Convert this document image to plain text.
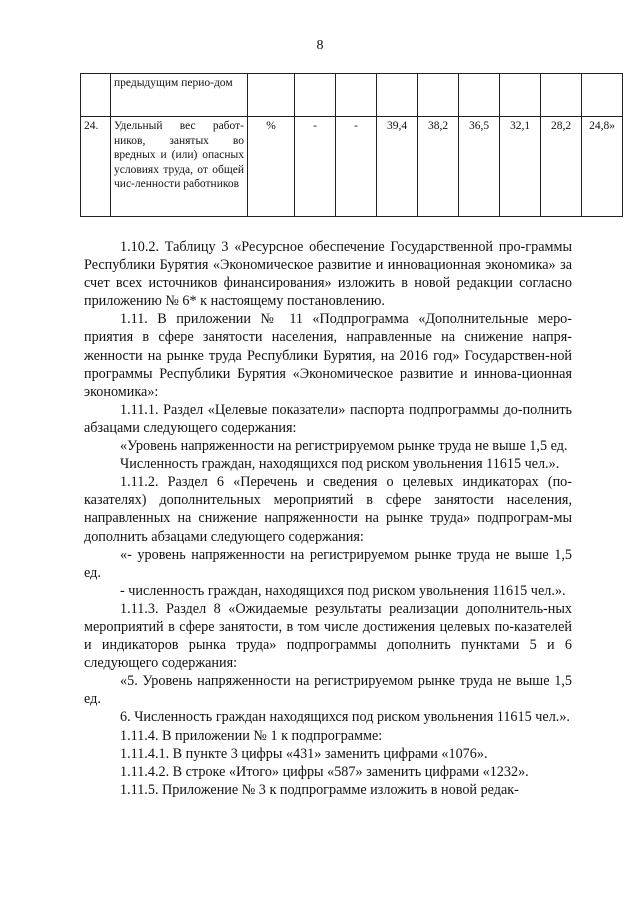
8
	предыдущим перио-дом									
24.	Удельный вес работ-ников, занятых во вредных и (или) опасных условиях труда, от общей чис-ленности работников	%	-	-	39,4	38,2	36,5	32,1	28,2	24,8»

1.10.2. Таблицу 3 «Ресурсное обеспечение Государственной про-граммы Республики Бурятия «Экономическое развитие и инновационная экономика» за счет всех источников финансирования» изложить в новой редакции согласно приложению № 6* к настоящему постановлению.

1.11. В приложении № 11 «Подпрограмма «Дополнительные меро-приятия в сфере занятости населения, направленные на снижение напря-женности на рынке труда Республики Бурятия, на 2016 год» Государствен-ной программы Республики Бурятия «Экономическое развитие и иннова-ционная экономика»:

1.11.1. Раздел «Целевые показатели» паспорта подпрограммы до-полнить абзацами следующего содержания:

«Уровень напряженности на регистрируемом рынке труда не выше 1,5 ед.

Численность граждан, находящихся под риском увольнения 11615 чел.».

1.11.2. Раздел 6 «Перечень и сведения о целевых индикаторах (по-казателях) дополнительных мероприятий в сфере занятости населения, направленных на снижение напряженности на рынке труда» подпрограм-мы дополнить абзацами следующего содержания:

«- уровень напряженности на регистрируемом рынке труда не выше 1,5 ед.

- численность граждан, находящихся под риском увольнения 11615 чел.».

1.11.3. Раздел 8 «Ожидаемые результаты реализации дополнитель-ных мероприятий в сфере занятости, в том числе достижения целевых по-казателей и индикаторов рынка труда» подпрограммы дополнить пунктами 5 и 6 следующего содержания:

«5. Уровень напряженности на регистрируемом рынке труда не выше 1,5 ед.

6. Численность граждан находящихся под риском увольнения 11615 чел.».

1.11.4. В приложении № 1 к подпрограмме:

1.11.4.1. В пункте 3 цифры «431» заменить цифрами «1076».

1.11.4.2. В строке «Итого» цифры «587» заменить цифрами «1232».

1.11.5. Приложение № 3 к подпрограмме изложить в новой редак-
